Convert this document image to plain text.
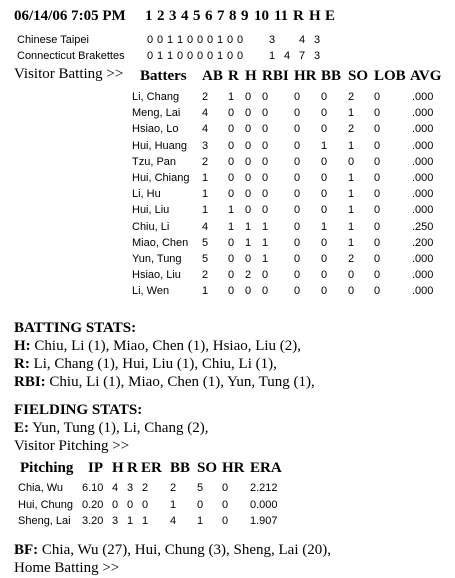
06/14/06 7:05 PM 1 2 3 4 5 6 7 8 9 10 11 R H E
Chinese Taipei	0 0 1 1 0 0 0 1 0 0 3 4 3
Connecticut Brakettes 0 1 1 0 0 0 0 1 0 0 1 4 7 3
Visitor Batting >> Batters AB R H RBI HR BB SO LOB AVG
Li, Chang 2 1 0 0 0 0 2 0	.000
Meng, Lai 4 0 0 0 0 0 1 0	.000
Hsiao, Lo 4 0 0 0 0 0 2 0	.000
Hui, Huang 3 0 0 0 0 1 1 0	.000
Tzu, Pan 2 0 0 0 0 0 0 0	.000
Hui, Chiang 1 0 0 0 0 0 1 0	.000
Li, Hu	1 0 0 0 0 0 1 0	.000
Hui, Liu	1 1 0 0 0 0 1 0	.000
Chiu, Li	4 1 1 1 0 1 1 0	.250
Miao, Chen 5 0 1 1 0 0 1 0	.200
Yun, Tung 5 0 0 1 0 0 2 0	.000
Hsiao, Liu 2 0 2 0 0 0 0 0	.000
Li, Wen	1 0 0 0 0 0 0 0	.000
BATTING STATS:
H: Chiu, Li (1), Miao, Chen (1), Hsiao, Liu (2),
R: Li, Chang (1), Hui, Liu (1), Chiu, Li (1),
RBI: Chiu, Li (1), Miao, Chen (1), Yun, Tung (1),
FIELDING STATS:
E: Yun, Tung (1), Li, Chang (2),
Visitor Pitching >>
Pitching IP H R ER BB SO HR ERA
Chia, Wu 6.10 4 3 2 2 5 0 2.212
Hui, Chung 0.20 0 0 0 1 0 0 0.000
Sheng, Lai 3.20 3 1 1 4 1 0 1.907
BF: Chia, Wu (27), Hui, Chung (3), Sheng, Lai (20),
Home Batting >>
